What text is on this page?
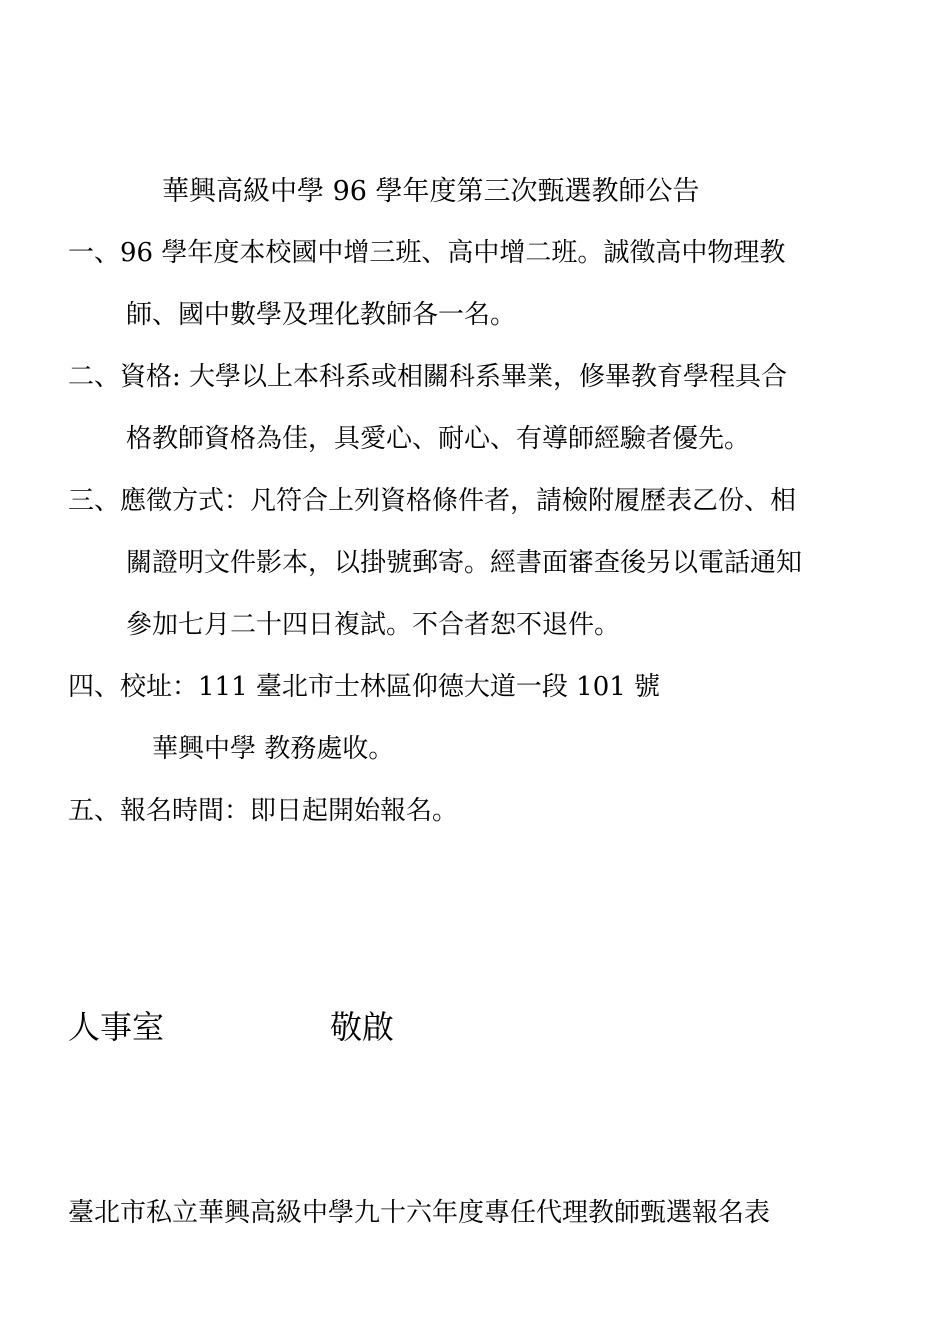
華興高級中學 96 學年度第三次甄選教師公告
一、96 學年度本校國中增三班、高中增二班。誠徵高中物理教
師、國中數學及理化教師各一名。
二、資格: 大學以上本科系或相關科系畢業，修畢教育學程具合
格教師資格為佳，具愛心、耐心、有導師經驗者優先。
三、應徵方式：凡符合上列資格條件者，請檢附履歷表乙份、相
關證明文件影本，以掛號郵寄。經書面審查後另以電話通知
參加七月二十四日複試。不合者恕不退件。
四、校址：111 臺北市士林區仰德大道一段 101 號
華興中學 教務處收。
五、報名時間：即日起開始報名。
人事室	敬啟
臺北市私立華興高級中學九十六年度專任代理教師甄選報名表
